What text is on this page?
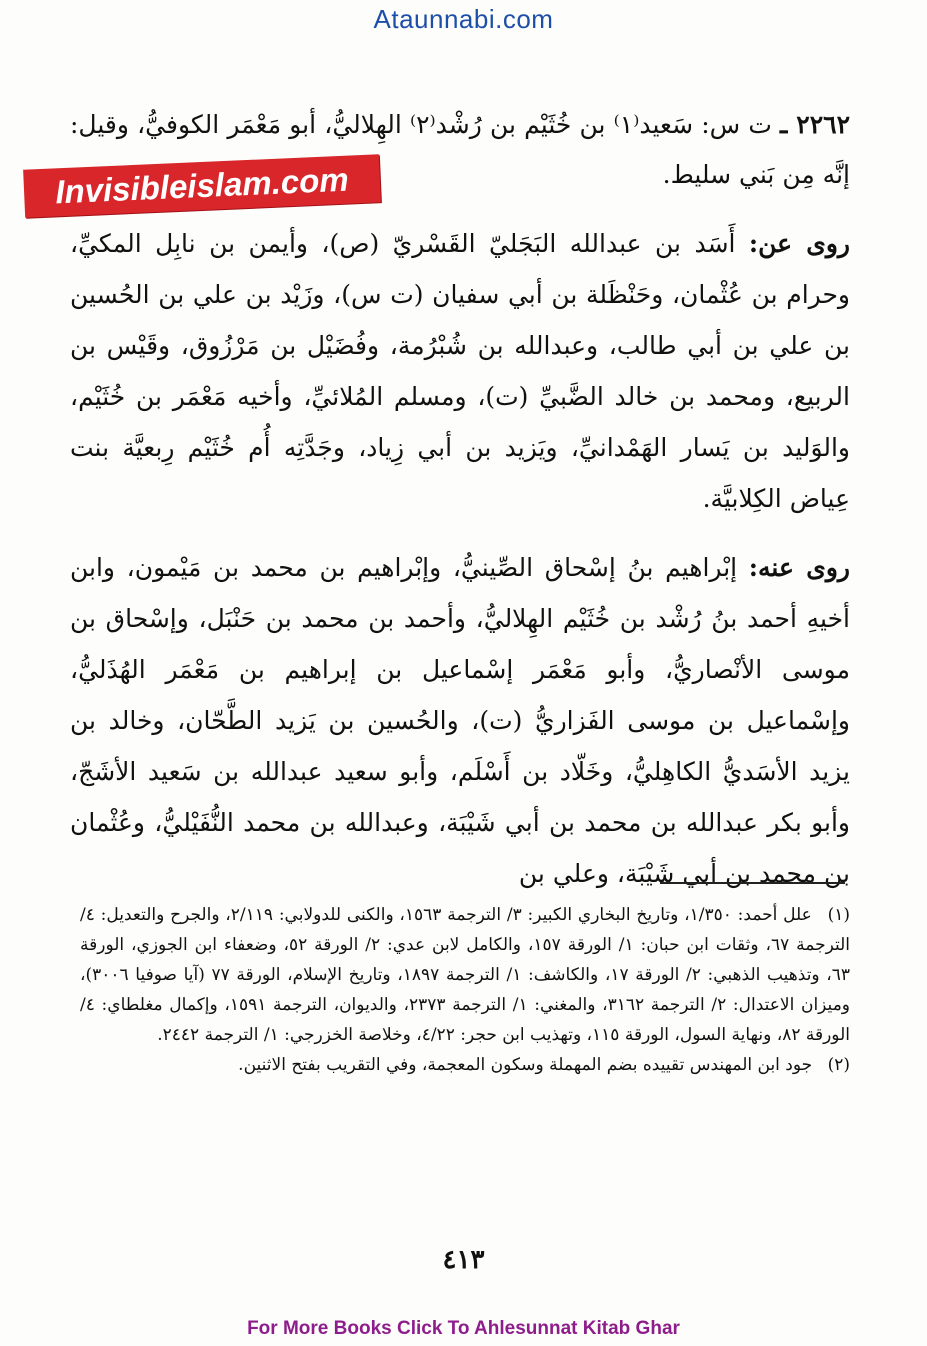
Ataunnabi.com

٢٢٦٢ ـ ت س: سَعيد⁽١⁾ بن خُثَيْم بن رُشْد⁽٢⁾ الهِلاليُّ، أبو مَعْمَر الكوفيُّ، وقيل: إنَّه مِن بَني سليط.

روى عن: أَسَد بن عبدالله البَجَليّ القَسْريّ (ص)، وأيمن بن نابِل المكيِّ، وحرام بن عُثْمان، وحَنْظَلة بن أبي سفيان (ت س)، وزَيْد بن علي بن الحُسين بن علي بن أبي طالب، وعبدالله بن شُبْرُمة، وفُضَيْل بن مَرْزُوق، وقَيْس بن الربيع، ومحمد بن خالد الضَّبيِّ (ت)، ومسلم المُلائيِّ، وأخيه مَعْمَر بن خُثَيْم، والوَليد بن يَسار الهَمْدانيِّ، ويَزيد بن أبي زِياد، وجَدَّتِه أُم خُثَيْم رِبعيَّة بنت عِياض الكِلابيَّة.

روى عنه: إبْراهيم بنُ إسْحاق الصِّينيُّ، وإبْراهيم بن محمد بن مَيْمون، وابن أخيهِ أحمد بنُ رُشْد بن خُثَيْم الهِلاليُّ، وأحمد بن محمد بن حَنْبَل، وإسْحاق بن موسى الأنْصاريُّ، وأبو مَعْمَر إسْماعيل بن إبراهيم بن مَعْمَر الهُذَليُّ، وإسْماعيل بن موسى الفَزاريُّ (ت)، والحُسين بن يَزيد الطَّحّان، وخالد بن يزيد الأسَديُّ الكاهِليُّ، وخَلّاد بن أَسْلَم، وأبو سعيد عبدالله بن سَعيد الأشَجّ، وأبو بكر عبدالله بن محمد بن أبي شَيْبَة، وعبدالله بن محمد النُّفَيْليُّ، وعُثْمان بن محمد بن أبي شَيْبَة، وعلي بن

Invisibleislam.com

(١) علل أحمد: ١/٣٥٠، وتاريخ البخاري الكبير: ٣/ الترجمة ١٥٦٣، والكنى للدولابي: ٢/١١٩، والجرح والتعديل: ٤/ الترجمة ٦٧، وثقات ابن حبان: ١/ الورقة ١٥٧، والكامل لابن عدي: ٢/ الورقة ٥٢، وضعفاء ابن الجوزي، الورقة ٦٣، وتذهيب الذهبي: ٢/ الورقة ١٧، والكاشف: ١/ الترجمة ١٨٩٧، وتاريخ الإسلام، الورقة ٧٧ (آيا صوفيا ٣٠٠٦)، وميزان الاعتدال: ٢/ الترجمة ٣١٦٢، والمغني: ١/ الترجمة ٢٣٧٣، والديوان، الترجمة ١٥٩١، وإكمال مغلطاي: ٤/ الورقة ٨٢، ونهاية السول، الورقة ١١٥، وتهذيب ابن حجر: ٤/٢٢، وخلاصة الخزرجي: ١/ الترجمة ٢٤٤٢.

(٢) جود ابن المهندس تقييده بضم المهملة وسكون المعجمة، وفي التقريب بفتح الاثنين.

٤١٣
For More Books Click To Ahlesunnat Kitab Ghar
